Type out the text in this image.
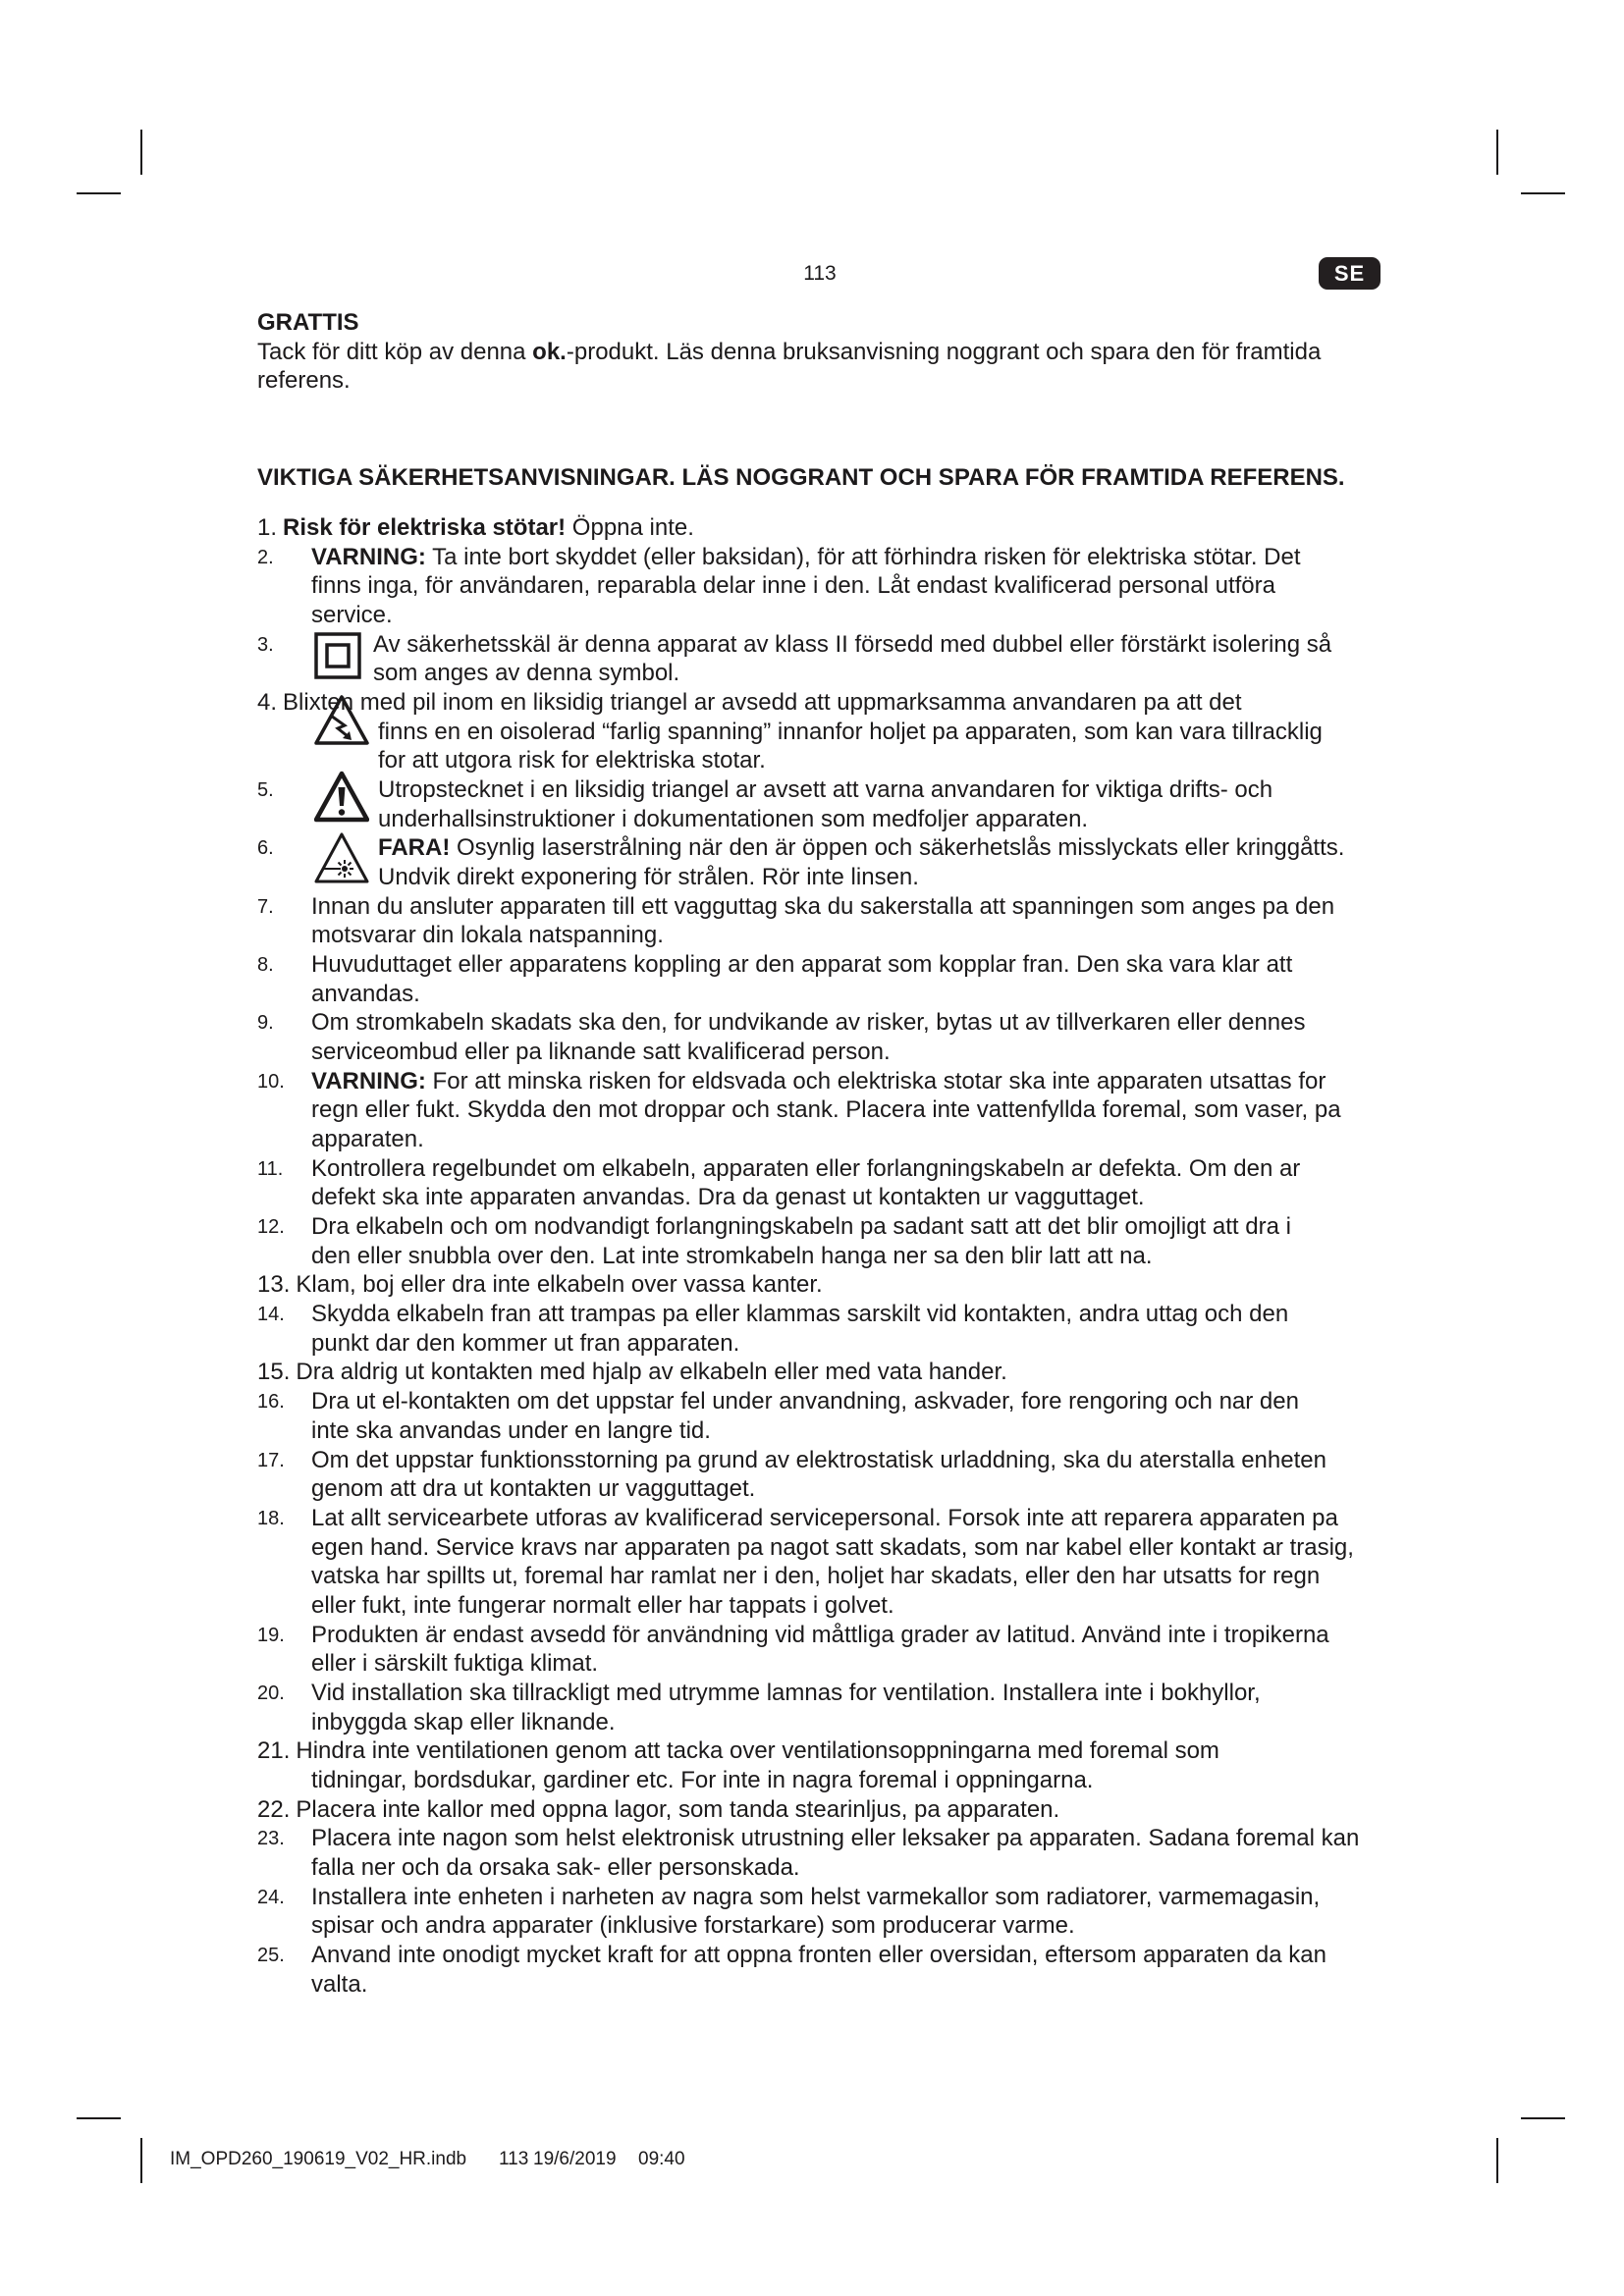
113	SE
GRATTIS
Tack för ditt köp av denna ok.-produkt. Läs denna bruksanvisning noggrant och spara den för framtida
referens.
VIKTIGA SÄKERHETSANVISNINGAR. LÄS NOGGRANT OCH SPARA FÖR FRAMTIDA REFERENS.
1. Risk för elektriska stötar! Öppna inte.
2.	VARNING: Ta inte bort skyddet (eller baksidan), för att förhindra risken för elektriska stötar. Det
finns inga, för användaren, reparabla delar inne i den. Låt endast kvalificerad personal utföra
service.
3.	Av säkerhetsskäl är denna apparat av klass II försedd med dubbel eller förstärkt isolering så
som anges av denna symbol.
4. Blixten med pil inom en liksidig triangel ar avsedd att uppmarksamma anvandaren pa att det
finns en en oisolerad “farlig spanning” innanfor holjet pa apparaten, som kan vara tillracklig
for att utgora risk for elektriska stotar.
5.	Utropstecknet i en liksidig triangel ar avsett att varna anvandaren for viktiga drifts- och
underhallsinstruktioner i dokumentationen som medfoljer apparaten.
6.	FARA! Osynlig laserstrålning när den är öppen och säkerhetslås misslyckats eller kringgåtts.
Undvik direkt exponering för strålen. Rör inte linsen.
7.	Innan du ansluter apparaten till ett vagguttag ska du sakerstalla att spanningen som anges pa den
motsvarar din lokala natspanning.
8.	Huvuduttaget eller apparatens koppling ar den apparat som kopplar fran. Den ska vara klar att
anvandas.
9.	Om stromkabeln skadats ska den, for undvikande av risker, bytas ut av tillverkaren eller dennes
serviceombud eller pa liknande satt kvalificerad person.
10.	VARNING: For att minska risken for eldsvada och elektriska stotar ska inte apparaten utsattas for
regn eller fukt. Skydda den mot droppar och stank. Placera inte vattenfyllda foremal, som vaser, pa
apparaten.
11.	Kontrollera regelbundet om elkabeln, apparaten eller forlangningskabeln ar defekta. Om den ar
defekt ska inte apparaten anvandas. Dra da genast ut kontakten ur vagguttaget.
12.	Dra elkabeln och om nodvandigt forlangningskabeln pa sadant satt att det blir omojligt att dra i
den eller snubbla over den. Lat inte stromkabeln hanga ner sa den blir latt att na.
13. Klam, boj eller dra inte elkabeln over vassa kanter.
14.	Skydda elkabeln fran att trampas pa eller klammas sarskilt vid kontakten, andra uttag och den
punkt dar den kommer ut fran apparaten.
15. Dra aldrig ut kontakten med hjalp av elkabeln eller med vata hander.
16.	Dra ut el-kontakten om det uppstar fel under anvandning, askvader, fore rengoring och nar den
inte ska anvandas under en langre tid.
17.	Om det uppstar funktionsstorning pa grund av elektrostatisk urladdning, ska du aterstalla enheten
genom att dra ut kontakten ur vagguttaget.
18.	Lat allt servicearbete utforas av kvalificerad servicepersonal. Forsok inte att reparera apparaten pa
egen hand. Service kravs nar apparaten pa nagot satt skadats, som nar kabel eller kontakt ar trasig,
vatska har spillts ut, foremal har ramlat ner i den, holjet har skadats, eller den har utsatts for regn
eller fukt, inte fungerar normalt eller har tappats i golvet.
19.	Produkten är endast avsedd för användning vid måttliga grader av latitud. Använd inte i tropikerna
eller i särskilt fuktiga klimat.
20.	Vid installation ska tillrackligt med utrymme lamnas for ventilation. Installera inte i bokhyllor,
inbyggda skap eller liknande.
21. Hindra inte ventilationen genom att tacka over ventilationsoppningarna med foremal som
tidningar, bordsdukar, gardiner etc. For inte in nagra foremal i oppningarna.
22. Placera inte kallor med oppna lagor, som tanda stearinljus, pa apparaten.
23.	Placera inte nagon som helst elektronisk utrustning eller leksaker pa apparaten. Sadana foremal kan
falla ner och da orsaka sak- eller personskada.
24.	Installera inte enheten i narheten av nagra som helst varmekallor som radiatorer, varmemagasin,
spisar och andra apparater (inklusive forstarkare) som producerar varme.
25.	Anvand inte onodigt mycket kraft for att oppna fronten eller oversidan, eftersom apparaten da kan
valta.
IM_OPD260_190619_V02_HR.indb 113 19/6/2019 09:40
